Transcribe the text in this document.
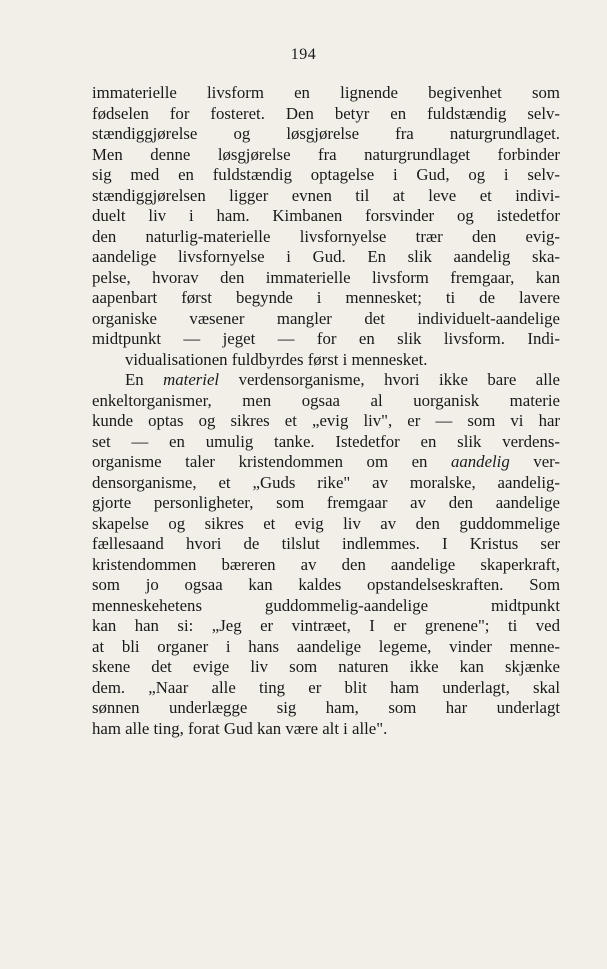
194
immaterielle livsform en lignende begivenhet som
fødselen for fosteret. Den betyr en fuldstændig selv-
stændiggjørelse og løsgjørelse fra naturgrundlaget.
Men denne løsgjørelse fra naturgrundlaget forbinder
sig med en fuldstændig optagelse i Gud, og i selv-
stændiggjørelsen ligger evnen til at leve et indivi-
duelt liv i ham. Kimbanen forsvinder og istedetfor
den naturlig-materielle livsfornyelse trær den evig-
aandelige livsfornyelse i Gud. En slik aandelig ska-
pelse, hvorav den immaterielle livsform fremgaar, kan
aapenbart først begynde i mennesket; ti de lavere
organiske væsener mangler det individuelt-aandelige
midtpunkt — jeget — for en slik livsform. Indi-
vidualisationen fuldbyrdes først i mennesket.
En materiel verdensorganisme, hvori ikke bare alle
enkeltorganismer, men ogsaa al uorganisk materie
kunde optas og sikres et „evig liv", er — som vi har
set — en umulig tanke. Istedetfor en slik verdens-
organisme taler kristendommen om en aandelig ver-
densorganisme, et „Guds rike" av moralske, aandelig-
gjorte personligheter, som fremgaar av den aandelige
skapelse og sikres et evig liv av den guddommelige
fællesaand hvori de tilslut indlemmes. I Kristus ser
kristendommen bæreren av den aandelige skaperkraft,
som jo ogsaa kan kaldes opstandelseskraften. Som
menneskehetens guddommelig-aandelige midtpunkt
kan han si: „Jeg er vintræet, I er grenene"; ti ved
at bli organer i hans aandelige legeme, vinder menne-
skene det evige liv som naturen ikke kan skjænke
dem. „Naar alle ting er blit ham underlagt, skal
sønnen underlægge sig ham, som har underlagt
ham alle ting, forat Gud kan være alt i alle".
